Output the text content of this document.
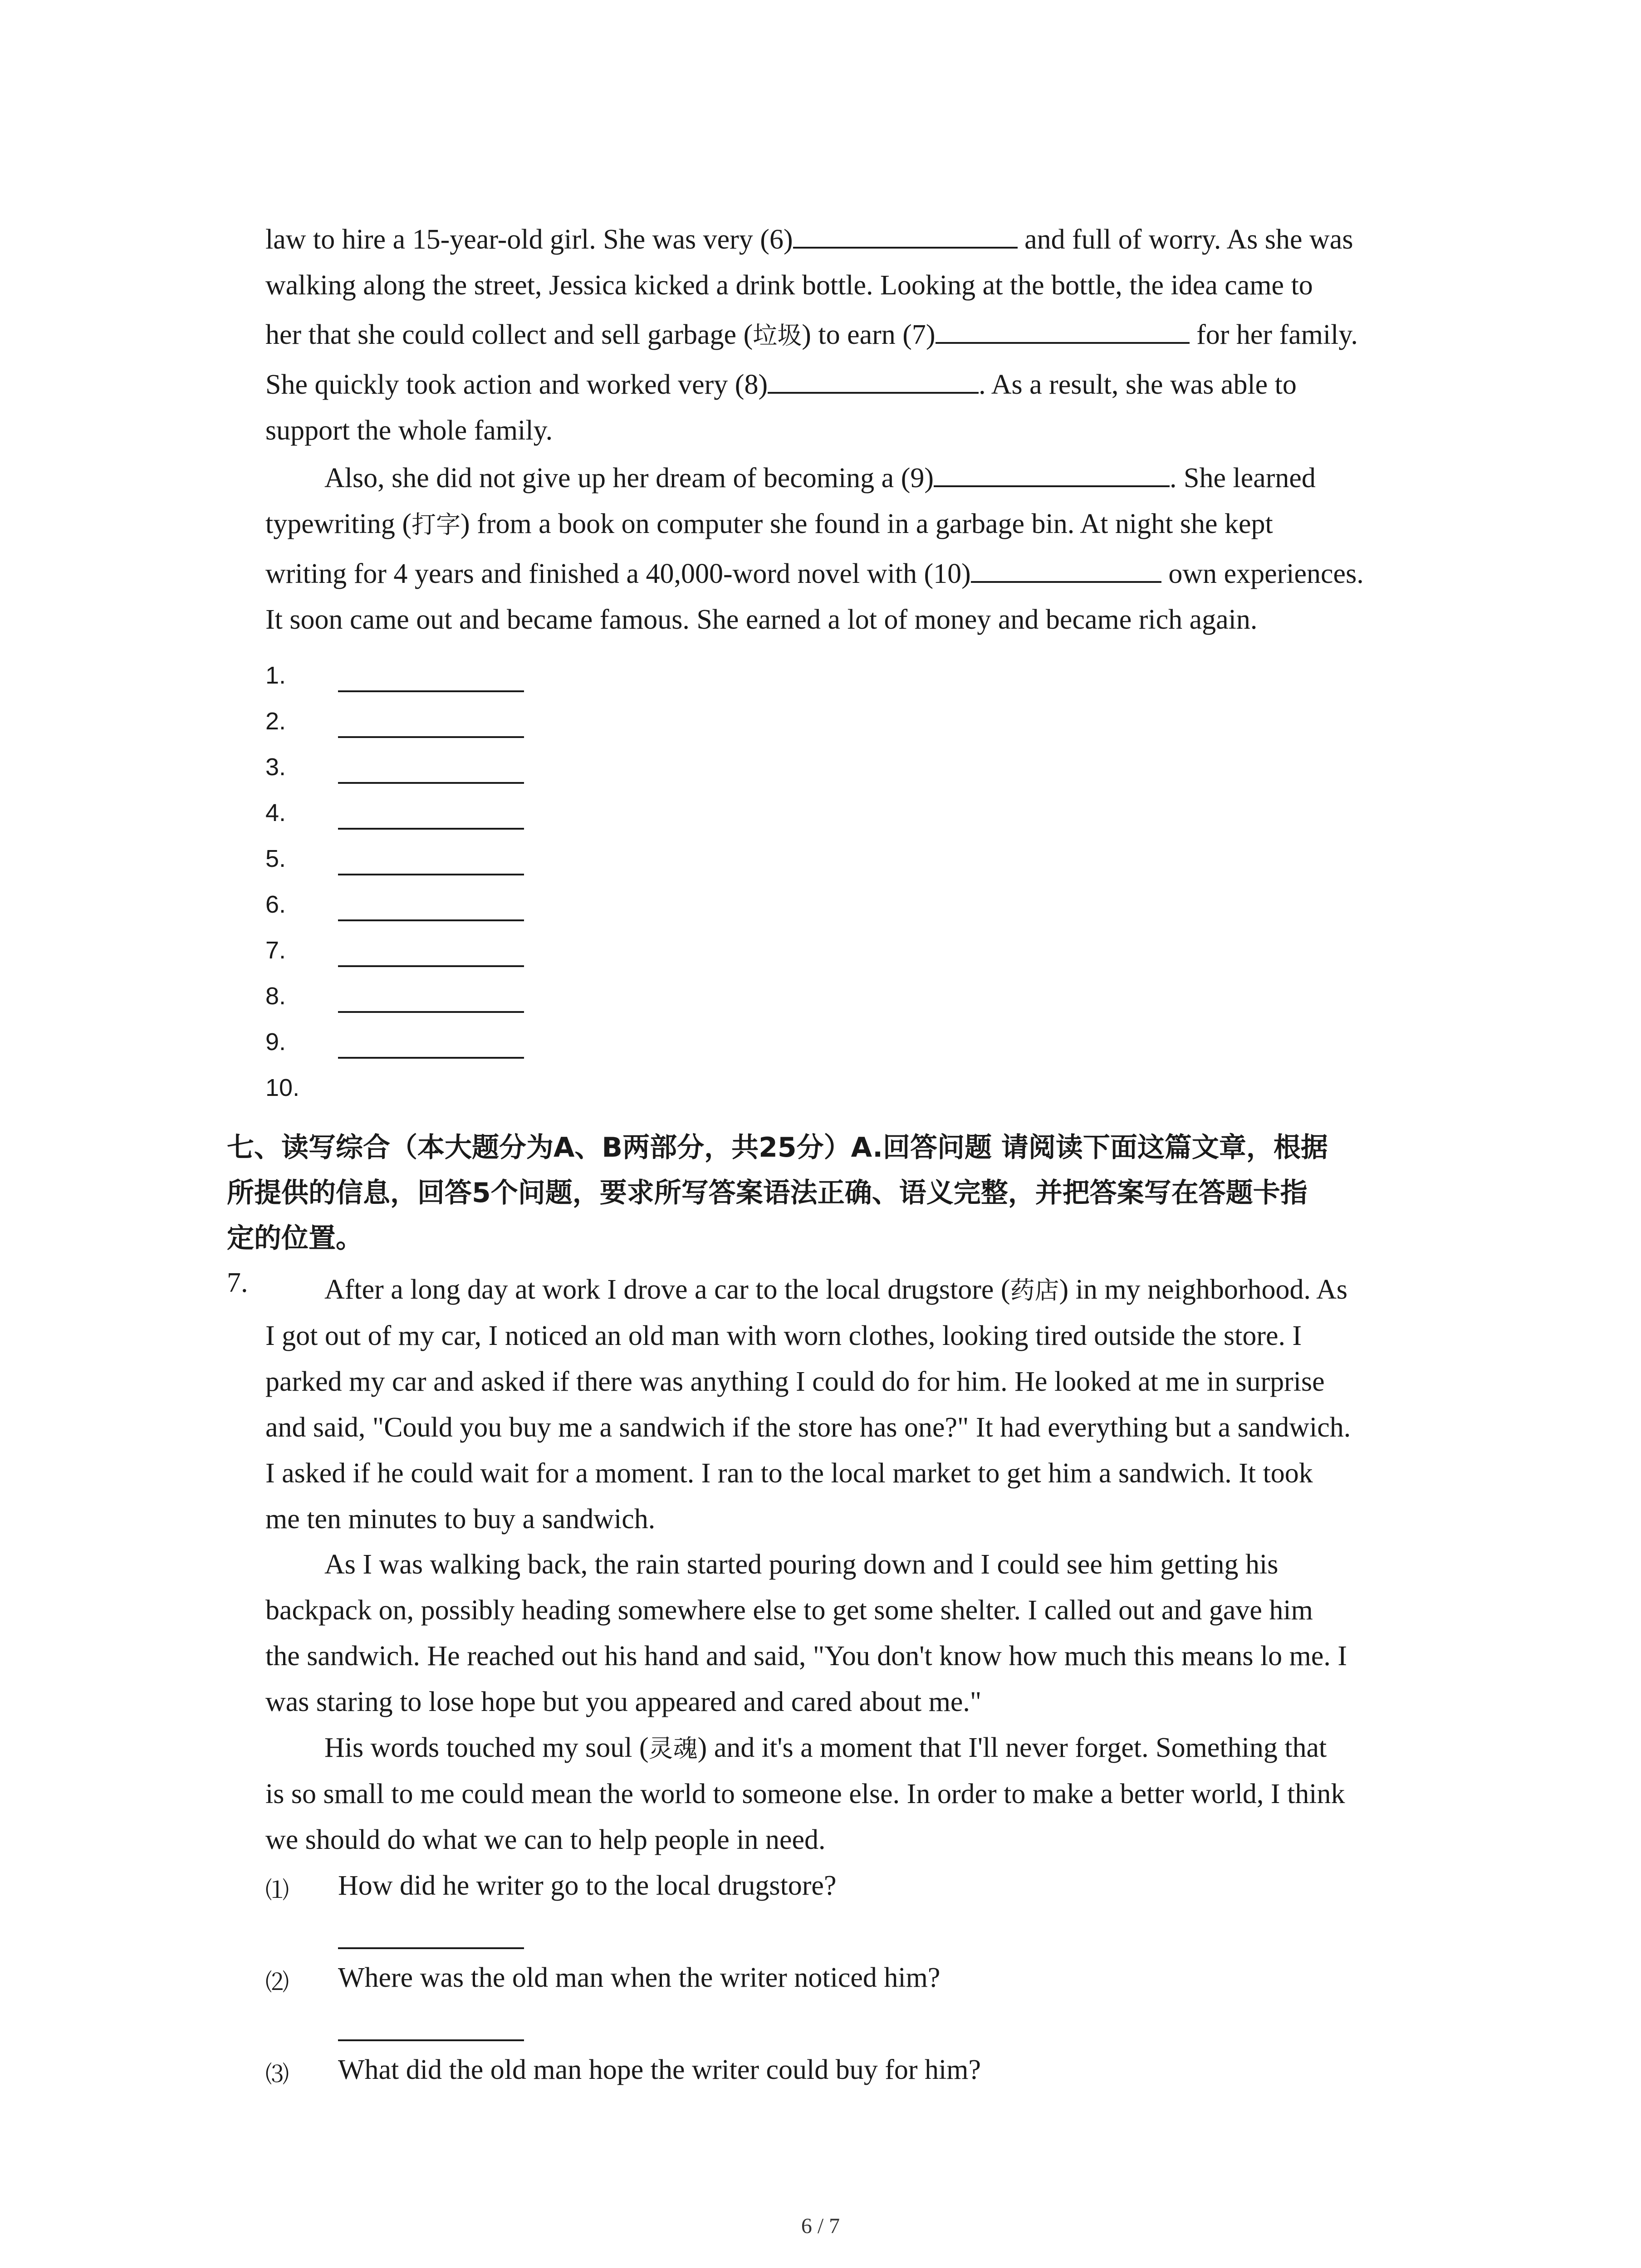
law to hire a 15-year-old girl. She was very (6)	and full of worry. As she was
walking along the street, Jessica kicked a drink bottle. Looking at the bottle, the idea came to
her that she could collect and sell garbage (垃圾) to earn (7)	for her family.
She quickly took action and worked very (8)	. As a result, she was able to
support the whole family.
Also, she did not give up her dream of becoming a (9)	. She learned
typewriting (打字) from a book on computer she found in a garbage bin. At night she kept
writing for 4 years and finished a 40,000-word novel with (10)	own experiences.
It soon came out and became famous. She earned a lot of money and became rich again.
1.
2.
3.
4.
5.
6.
7.
8.
9.
10.
七、读写综合（本大题分为A、B两部分，共25分）A.回答问题 请阅读下面这篇文章，根据
所提供的信息，回答5个问题，要求所写答案语法正确、语义完整，并把答案写在答题卡指
定的位置。
7.	After a long day at work I drove a car to the local drugstore (药店) in my neighborhood. As
I got out of my car, I noticed an old man with worn clothes, looking tired outside the store. I
parked my car and asked if there was anything I could do for him. He looked at me in surprise
and said, "Could you buy me a sandwich if the store has one?" It had everything but a sandwich.
I asked if he could wait for a moment. I ran to the local market to get him a sandwich. It took
me ten minutes to buy a sandwich.
As I was walking back, the rain started pouring down and I could see him getting his
backpack on, possibly heading somewhere else to get some shelter. I called out and gave him
the sandwich. He reached out his hand and said, "You don't know how much this means lo me. I
was staring to lose hope but you appeared and cared about me."
His words touched my soul (灵魂) and it's a moment that I'll never forget. Something that
is so small to me could mean the world to someone else. In order to make a better world, I think
we should do what we can to help people in need.
⑴ How did he writer go to the local drugstore?
⑵ Where was the old man when the writer noticed him?
⑶ What did the old man hope the writer could buy for him?
6 / 7
